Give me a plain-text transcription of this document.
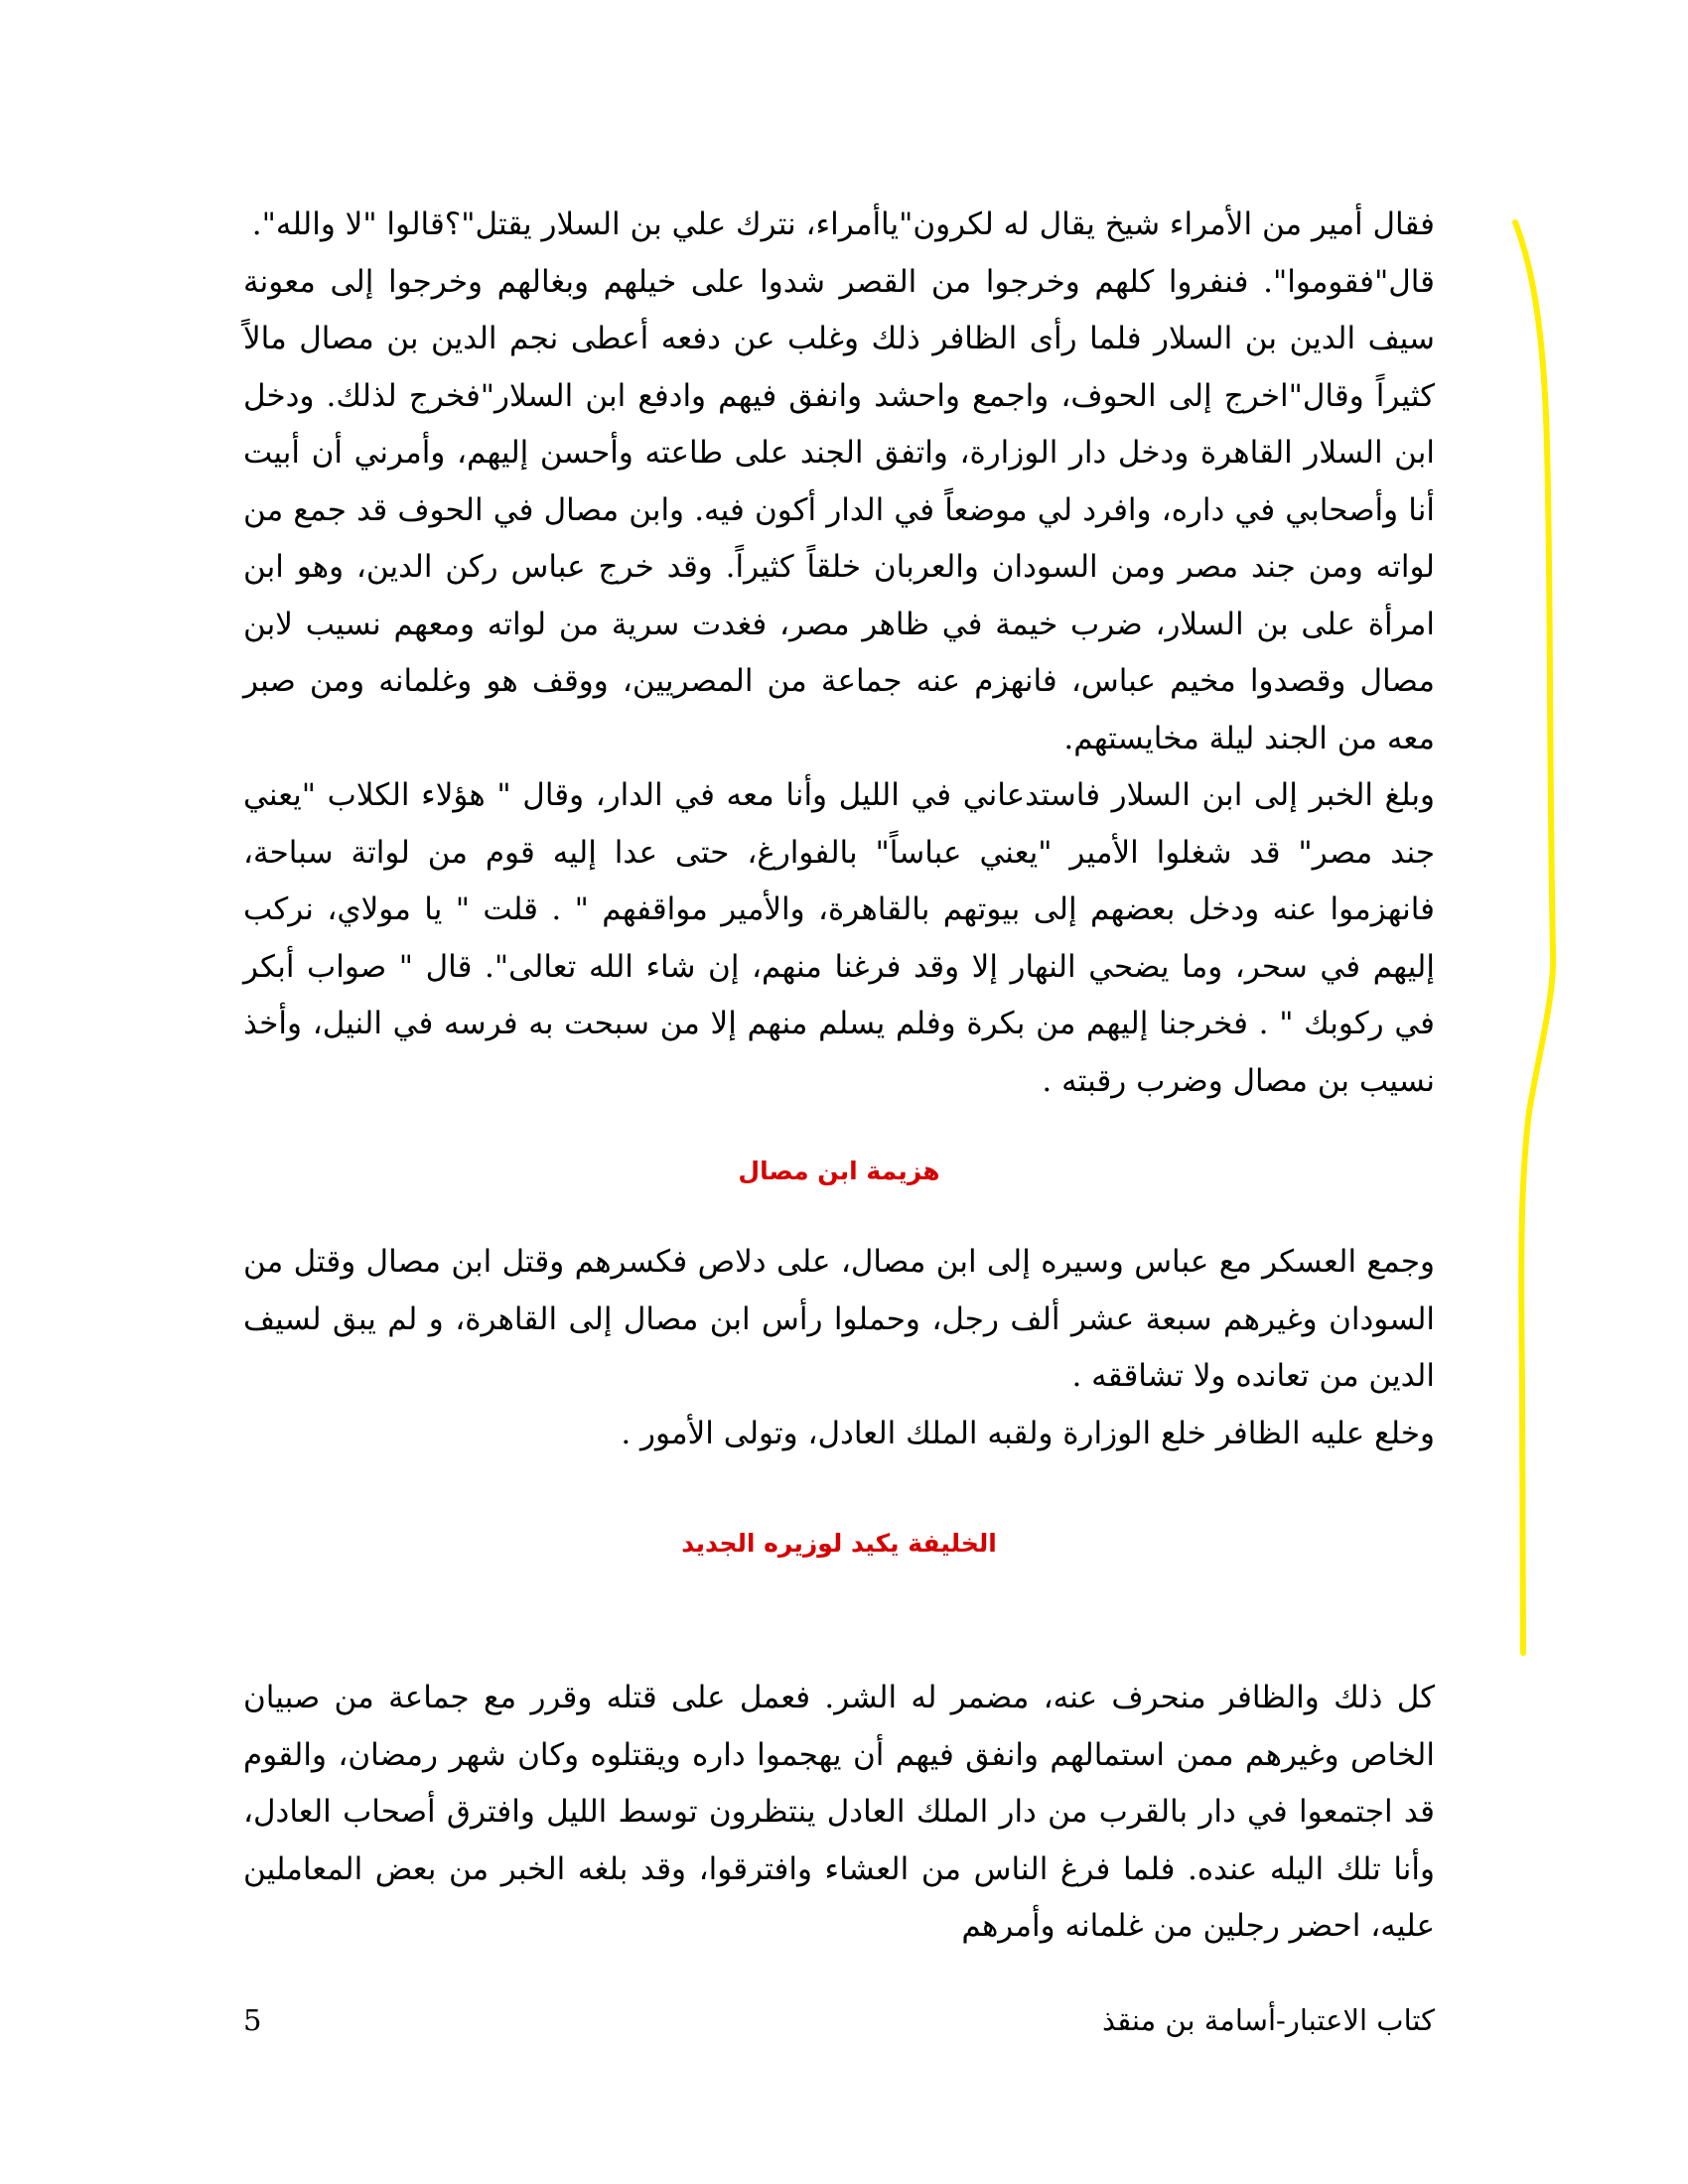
فقال أمير من الأمراء شيخ يقال له لكرون"ياأمراء، نترك علي بن السلار يقتل"؟قالوا "لا والله".

قال"فقوموا". فنفروا كلهم وخرجوا من القصر شدوا على خيلهم وبغالهم وخرجوا إلى معونة سيف الدين بن السلار فلما رأى الظافر ذلك وغلب عن دفعه أعطى نجم الدين بن مصال مالاً كثيراً وقال"اخرج إلى الحوف، واجمع واحشد وانفق فيهم وادفع ابن السلار"فخرج لذلك. ودخل ابن السلار القاهرة ودخل دار الوزارة، واتفق الجند على طاعته وأحسن إليهم، وأمرني أن أبيت أنا وأصحابي في داره، وافرد لي موضعاً في الدار أكون فيه. وابن مصال في الحوف قد جمع من لواته ومن جند مصر ومن السودان والعربان خلقاً كثيراً. وقد خرج عباس ركن الدين، وهو ابن امرأة على بن السلار، ضرب خيمة في ظاهر مصر، فغدت سرية من لواته ومعهم نسيب لابن مصال وقصدوا مخيم عباس، فانهزم عنه جماعة من المصريين، ووقف هو وغلمانه ومن صبر معه من الجند ليلة مخايستهم.

وبلغ الخبر إلى ابن السلار فاستدعاني في الليل وأنا معه في الدار، وقال " هؤلاء الكلاب "يعني جند مصر" قد شغلوا الأمير "يعني عباساً" بالفوارغ، حتى عدا إليه قوم من لواتة سباحة، فانهزموا عنه ودخل بعضهم إلى بيوتهم بالقاهرة، والأمير مواقفهم " . قلت " يا مولاي، نركب إليهم في سحر، وما يضحي النهار إلا وقد فرغنا منهم، إن شاء الله تعالى". قال " صواب أبكر في ركوبك " . فخرجنا إليهم من بكرة وفلم يسلم منهم إلا من سبحت به فرسه في النيل، وأخذ نسيب بن مصال وضرب رقبته .

هزيمة ابن مصال

وجمع العسكر مع عباس وسيره إلى ابن مصال، على دلاص فكسرهم وقتل ابن مصال وقتل من السودان وغيرهم سبعة عشر ألف رجل، وحملوا رأس ابن مصال إلى القاهرة، و لم يبق لسيف الدين من تعانده ولا تشاققه .

وخلع عليه الظافر خلع الوزارة ولقبه الملك العادل، وتولى الأمور .

الخليفة يكيد لوزيره الجديد

كل ذلك والظافر منحرف عنه، مضمر له الشر. فعمل على قتله وقرر مع جماعة من صبيان الخاص وغيرهم ممن استمالهم وانفق فيهم أن يهجموا داره ويقتلوه وكان شهر رمضان، والقوم قد اجتمعوا في دار بالقرب من دار الملك العادل ينتظرون توسط الليل وافترق أصحاب العادل، وأنا تلك اليله عنده. فلما فرغ الناس من العشاء وافترقوا، وقد بلغه الخبر من بعض المعاملين عليه، احضر رجلين من غلمانه وأمرهم

كتاب الاعتبار-أسامة بن منقذ
5
